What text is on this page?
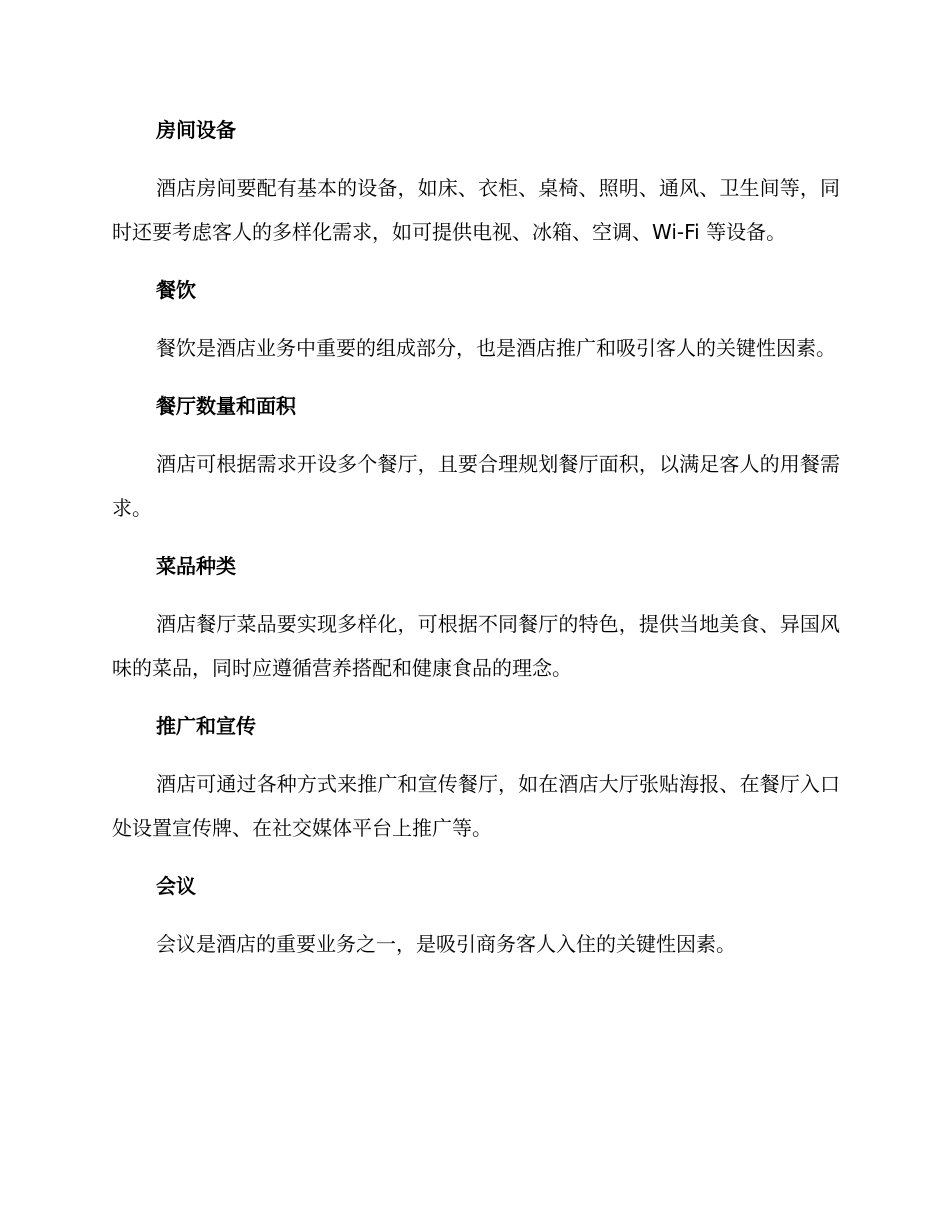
房间设备

酒店房间要配有基本的设备，如床、衣柜、桌椅、照明、通风、卫生间等，同时还要考虑客人的多样化需求，如可提供电视、冰箱、空调、Wi-Fi 等设备。

餐饮

餐饮是酒店业务中重要的组成部分，也是酒店推广和吸引客人的关键性因素。

餐厅数量和面积

酒店可根据需求开设多个餐厅，且要合理规划餐厅面积，以满足客人的用餐需求。

菜品种类

酒店餐厅菜品要实现多样化，可根据不同餐厅的特色，提供当地美食、异国风味的菜品，同时应遵循营养搭配和健康食品的理念。

推广和宣传

酒店可通过各种方式来推广和宣传餐厅，如在酒店大厅张贴海报、在餐厅入口处设置宣传牌、在社交媒体平台上推广等。

会议

会议是酒店的重要业务之一，是吸引商务客人入住的关键性因素。
